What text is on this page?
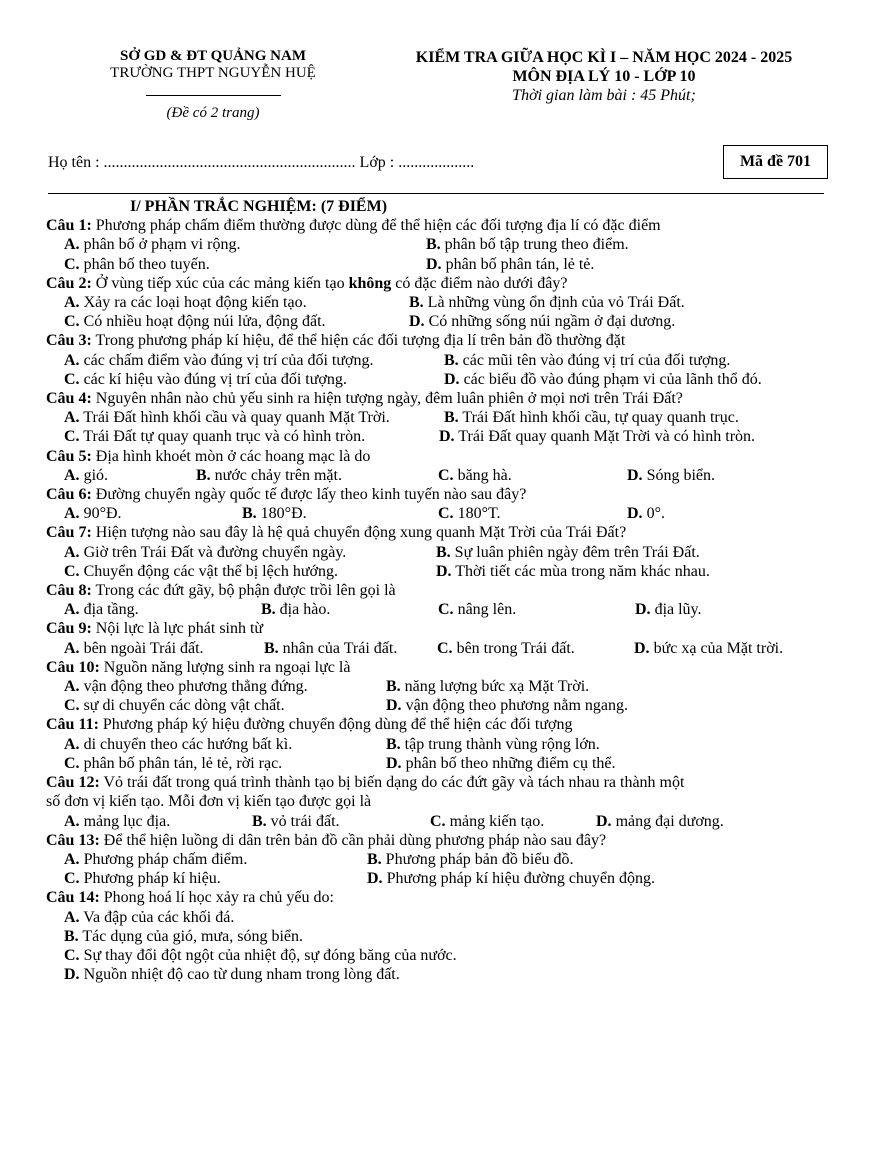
SỞ GD & ĐT QUẢNG NAM
TRƯỜNG THPT NGUYỄN HUỆ
(Đề có 2 trang)
KIỂM TRA GIỮA HỌC KÌ I – NĂM HỌC 2024 - 2025
MÔN ĐỊA LÝ 10 - LỚP 10
Thời gian làm bài : 45 Phút;
Họ tên : ............................................................... Lớp : ...................	Mã đề 701
I/ PHẦN TRẮC NGHIỆM: (7 ĐIỂM)
Câu 1: Phương pháp chấm điểm thường được dùng để thể hiện các đối tượng địa lí có đặc điểm
A. phân bố ở phạm vi rộng.	B. phân bố tập trung theo điểm.
C. phân bố theo tuyến.	D. phân bố phân tán, lẻ tẻ.
Câu 2: Ở vùng tiếp xúc của các mảng kiến tạo không có đặc điểm nào dưới đây?
A. Xảy ra các loại hoạt động kiến tạo.	B. Là những vùng ổn định của vỏ Trái Đất.
C. Có nhiều hoạt động núi lửa, động đất.	D. Có những sống núi ngầm ở đại dương.
Câu 3: Trong phương pháp kí hiệu, để thể hiện các đối tượng địa lí trên bản đồ thường đặt
A. các chấm điểm vào đúng vị trí của đối tượng.	B. các mũi tên vào đúng vị trí của đối tượng.
C. các kí hiệu vào đúng vị trí của đối tượng.	D. các biểu đồ vào đúng phạm vi của lãnh thổ đó.
Câu 4: Nguyên nhân nào chủ yếu sinh ra hiện tượng ngày, đêm luân phiên ở mọi nơi trên Trái Đất?
A. Trái Đất hình khối cầu và quay quanh Mặt Trời.	B. Trái Đất hình khối cầu, tự quay quanh trục.
C. Trái Đất tự quay quanh trục và có hình tròn.	D. Trái Đất quay quanh Mặt Trời và có hình tròn.
Câu 5: Địa hình khoét mòn ở các hoang mạc là do
A. gió.	B. nước chảy trên mặt.	C. băng hà.	D. Sóng biển.
Câu 6: Đường chuyển ngày quốc tế được lấy theo kinh tuyến nào sau đây?
A. 90°Đ.	B. 180°Đ.	C. 180°T.	D. 0°.
Câu 7: Hiện tượng nào sau đây là hệ quả chuyển động xung quanh Mặt Trời của Trái Đất?
A. Giờ trên Trái Đất và đường chuyển ngày.	B. Sự luân phiên ngày đêm trên Trái Đất.
C. Chuyển động các vật thể bị lệch hướng.	D. Thời tiết các mùa trong năm khác nhau.
Câu 8: Trong các đứt gãy, bộ phận được trồi lên gọi là
A. địa tầng.	B. địa hào.	C. nâng lên.	D. địa lũy.
Câu 9: Nội lực là lực phát sinh từ
A. bên ngoài Trái đất.	B. nhân của Trái đất.	C. bên trong Trái đất.	D. bức xạ của Mặt trời.
Câu 10: Nguồn năng lượng sinh ra ngoại lực là
A. vận động theo phương thẳng đứng.	B. năng lượng bức xạ Mặt Trời.
C. sự di chuyển các dòng vật chất.	D. vận động theo phương nằm ngang.
Câu 11: Phương pháp ký hiệu đường chuyển động dùng để thể hiện các đối tượng
A. di chuyển theo các hướng bất kì.	B. tập trung thành vùng rộng lớn.
C. phân bố phân tán, lẻ tẻ, rời rạc.	D. phân bố theo những điểm cụ thể.
Câu 12: Vỏ trái đất trong quá trình thành tạo bị biến dạng do các đứt gãy và tách nhau ra thành một
số đơn vị kiến tạo. Mỗi đơn vị kiến tạo được gọi là
A. mảng lục địa.	B. vỏ trái đất.	C. mảng kiến tạo.	D. mảng đại dương.
Câu 13: Để thể hiện luồng di dân trên bản đồ cần phải dùng phương pháp nào sau đây?
A. Phương pháp chấm điểm.	B. Phương pháp bản đồ biểu đồ.
C. Phương pháp kí hiệu.	D. Phương pháp kí hiệu đường chuyển động.
Câu 14: Phong hoá lí học xảy ra chủ yếu do:
A. Va đập của các khối đá.
B. Tác dụng của gió, mưa, sóng biển.
C. Sự thay đổi đột ngột của nhiệt độ, sự đóng băng của nước.
D. Nguồn nhiệt độ cao từ dung nham trong lòng đất.
